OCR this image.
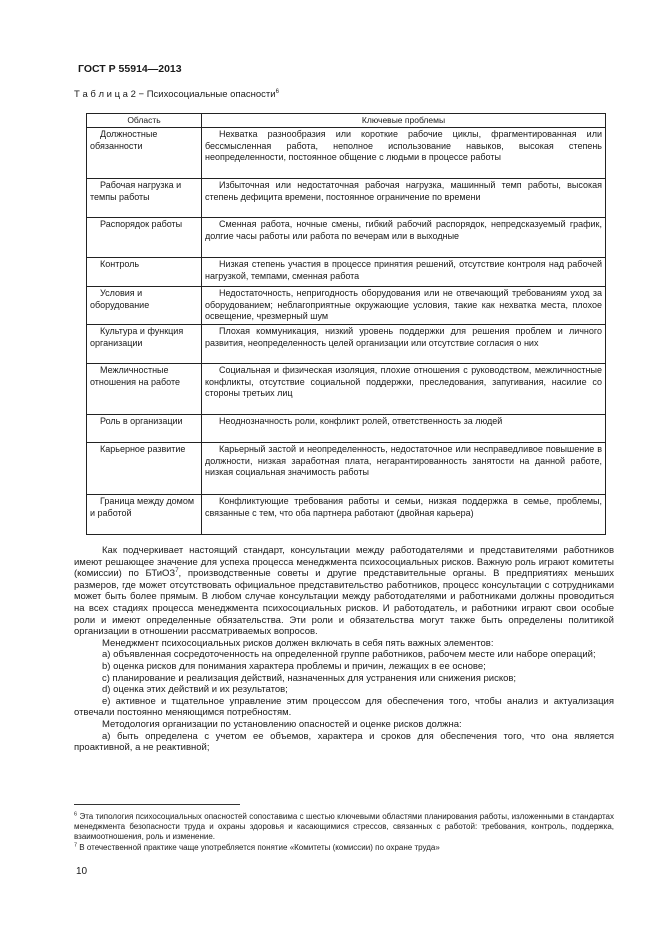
ГОСТ Р 55914—2013
Т а б л и ц а 2 − Психосоциальные опасности$^6$
Область	Ключевые проблемы
Должностные обязанности	Нехватка разнообразия или короткие рабочие циклы, фрагментированная или бессмысленная работа, неполное использование навыков, высокая степень неопределенности, постоянное общение с людьми в процессе работы
Рабочая нагрузка и темпы работы	Избыточная или недостаточная рабочая нагрузка, машинный темп работы, высокая степень дефицита времени, постоянное ограничение по времени
Распорядок работы	Сменная работа, ночные смены, гибкий рабочий распорядок, непредсказуемый график, долгие часы работы или работа по вечерам или в выходные
Контроль	Низкая степень участия в процессе принятия решений, отсутствие контроля над рабочей нагрузкой, темпами, сменная работа
Условия и оборудование	Недостаточность, непригодность оборудования или не отвечающий требованиям уход за оборудованием; неблагоприятные окружающие условия, такие как нехватка места, плохое освещение, чрезмерный шум
Культура и функция организации	Плохая коммуникация, низкий уровень поддержки для решения проблем и личного развития, неопределенность целей организации или отсутствие согласия о них
Межличностные отношения на работе	Социальная и физическая изоляция, плохие отношения с руководством, межличностные конфликты, отсутствие социальной поддержки, преследования, запугивания, насилие со стороны третьих лиц
Роль в организации	Неоднозначность роли, конфликт ролей, ответственность за людей
Карьерное развитие	Карьерный застой и неопределенность, недостаточное или несправедливое повышение в должности, низкая заработная плата, негарантированность занятости на данной работе, низкая социальная значимость работы
Граница между домом и работой	Конфликтующие требования работы и семьи, низкая поддержка в семье, проблемы, связанные с тем, что оба партнера работают (двойная карьера)

Как подчеркивает настоящий стандарт, консультации между работодателями и представителями работников имеют решающее значение для успеха процесса менеджмента психосоциальных рисков. Важную роль играют комитеты (комиссии) по БТиОЗ$^7$, производственные советы и другие представительные органы. В предприятиях меньших размеров, где может отсутствовать официальное представительство работников, процесс консультации с сотрудниками может быть более прямым. В любом случае консультации между работодателями и работниками должны проводиться на всех стадиях процесса менеджмента психосоциальных рисков. И работодатель, и работники играют свои особые роли и имеют определенные обязательства. Эти роли и обязательства могут также быть определены политикой организации в отношении рассматриваемых вопросов.

Менеджмент психосоциальных рисков должен включать в себя пять важных элементов:

a) объявленная сосредоточенность на определенной группе работников, рабочем месте или наборе операций;

b) оценка рисков для понимания характера проблемы и причин, лежащих в ее основе;

c) планирование и реализация действий, назначенных для устранения или снижения рисков;

d) оценка этих действий и их результатов;

e) активное и тщательное управление этим процессом для обеспечения того, чтобы анализ и актуализация отвечали постоянно меняющимся потребностям.

Методология организации по установлению опасностей и оценке рисков должна:

a) быть определена с учетом ее объемов, характера и сроков для обеспечения того, что она является проактивной, а не реактивной;

$^6$ Эта типология психосоциальных опасностей сопоставима с шестью ключевыми областями планирования работы, изложенными в стандартах менеджмента безопасности труда и охраны здоровья и касающимися стрессов, связанных с работой: требования, контроль, поддержка, взаимоотношения, роль и изменение.

$^7$ В отечественной практике чаще употребляется понятие «Комитеты (комиссии) по охране труда»

10
